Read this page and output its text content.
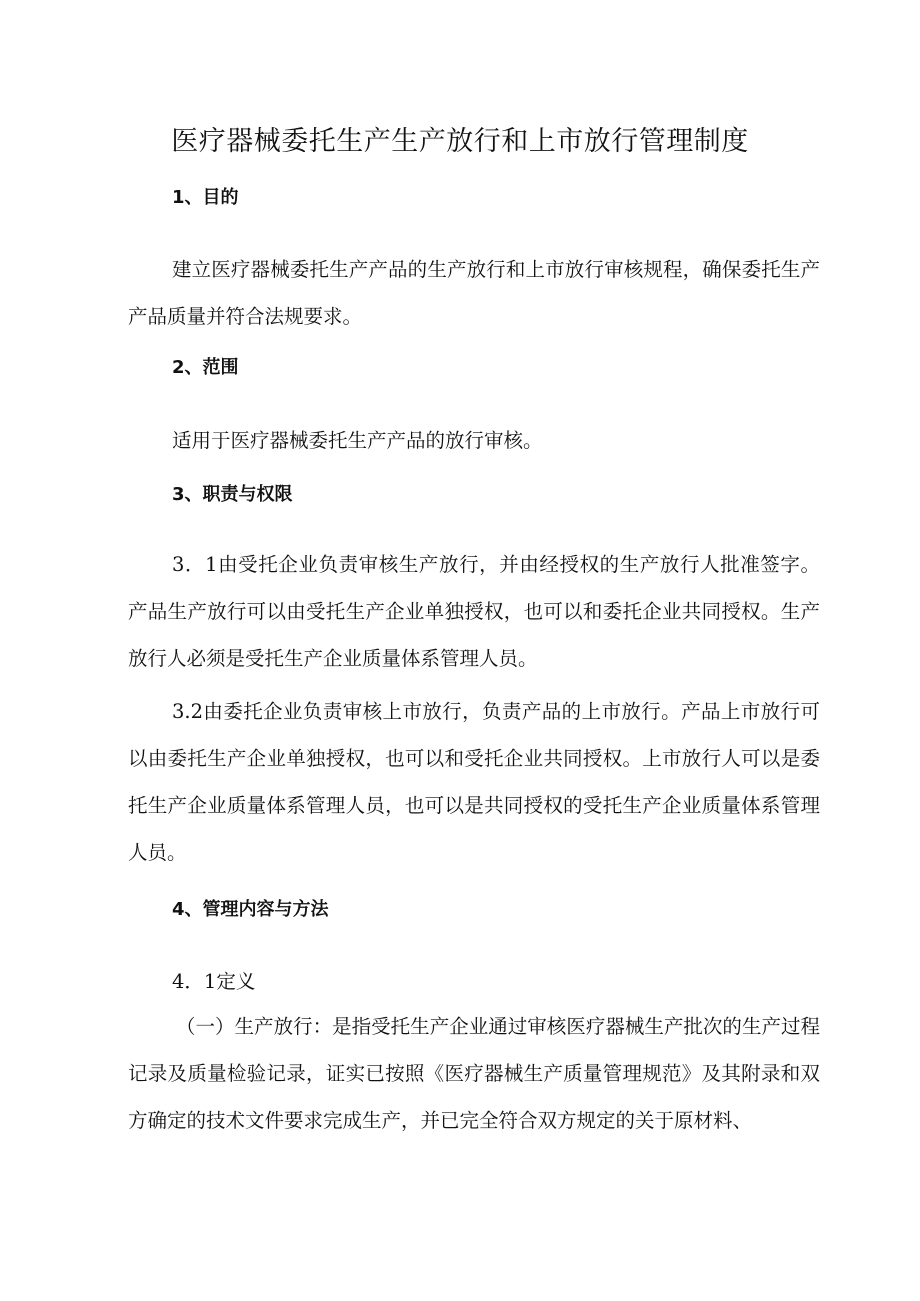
医疗器械委托生产生产放行和上市放行管理制度

1、目的

建立医疗器械委托生产产品的生产放行和上市放行审核规程，确保委托生产产品质量并符合法规要求。

2、范围

适用于医疗器械委托生产产品的放行审核。

3、职责与权限

3．1由受托企业负责审核生产放行，并由经授权的生产放行人批准签字。产品生产放行可以由受托生产企业单独授权，也可以和委托企业共同授权。生产放行人必须是受托生产企业质量体系管理人员。

3.2由委托企业负责审核上市放行，负责产品的上市放行。产品上市放行可以由委托生产企业单独授权，也可以和受托企业共同授权。上市放行人可以是委托生产企业质量体系管理人员，也可以是共同授权的受托生产企业质量体系管理人员。

4、管理内容与方法

4．1定义

（一）生产放行：是指受托生产企业通过审核医疗器械生产批次的生产过程记录及质量检验记录，证实已按照《医疗器械生产质量管理规范》及其附录和双方确定的技术文件要求完成生产，并已完全符合双方规定的关于原材料、
